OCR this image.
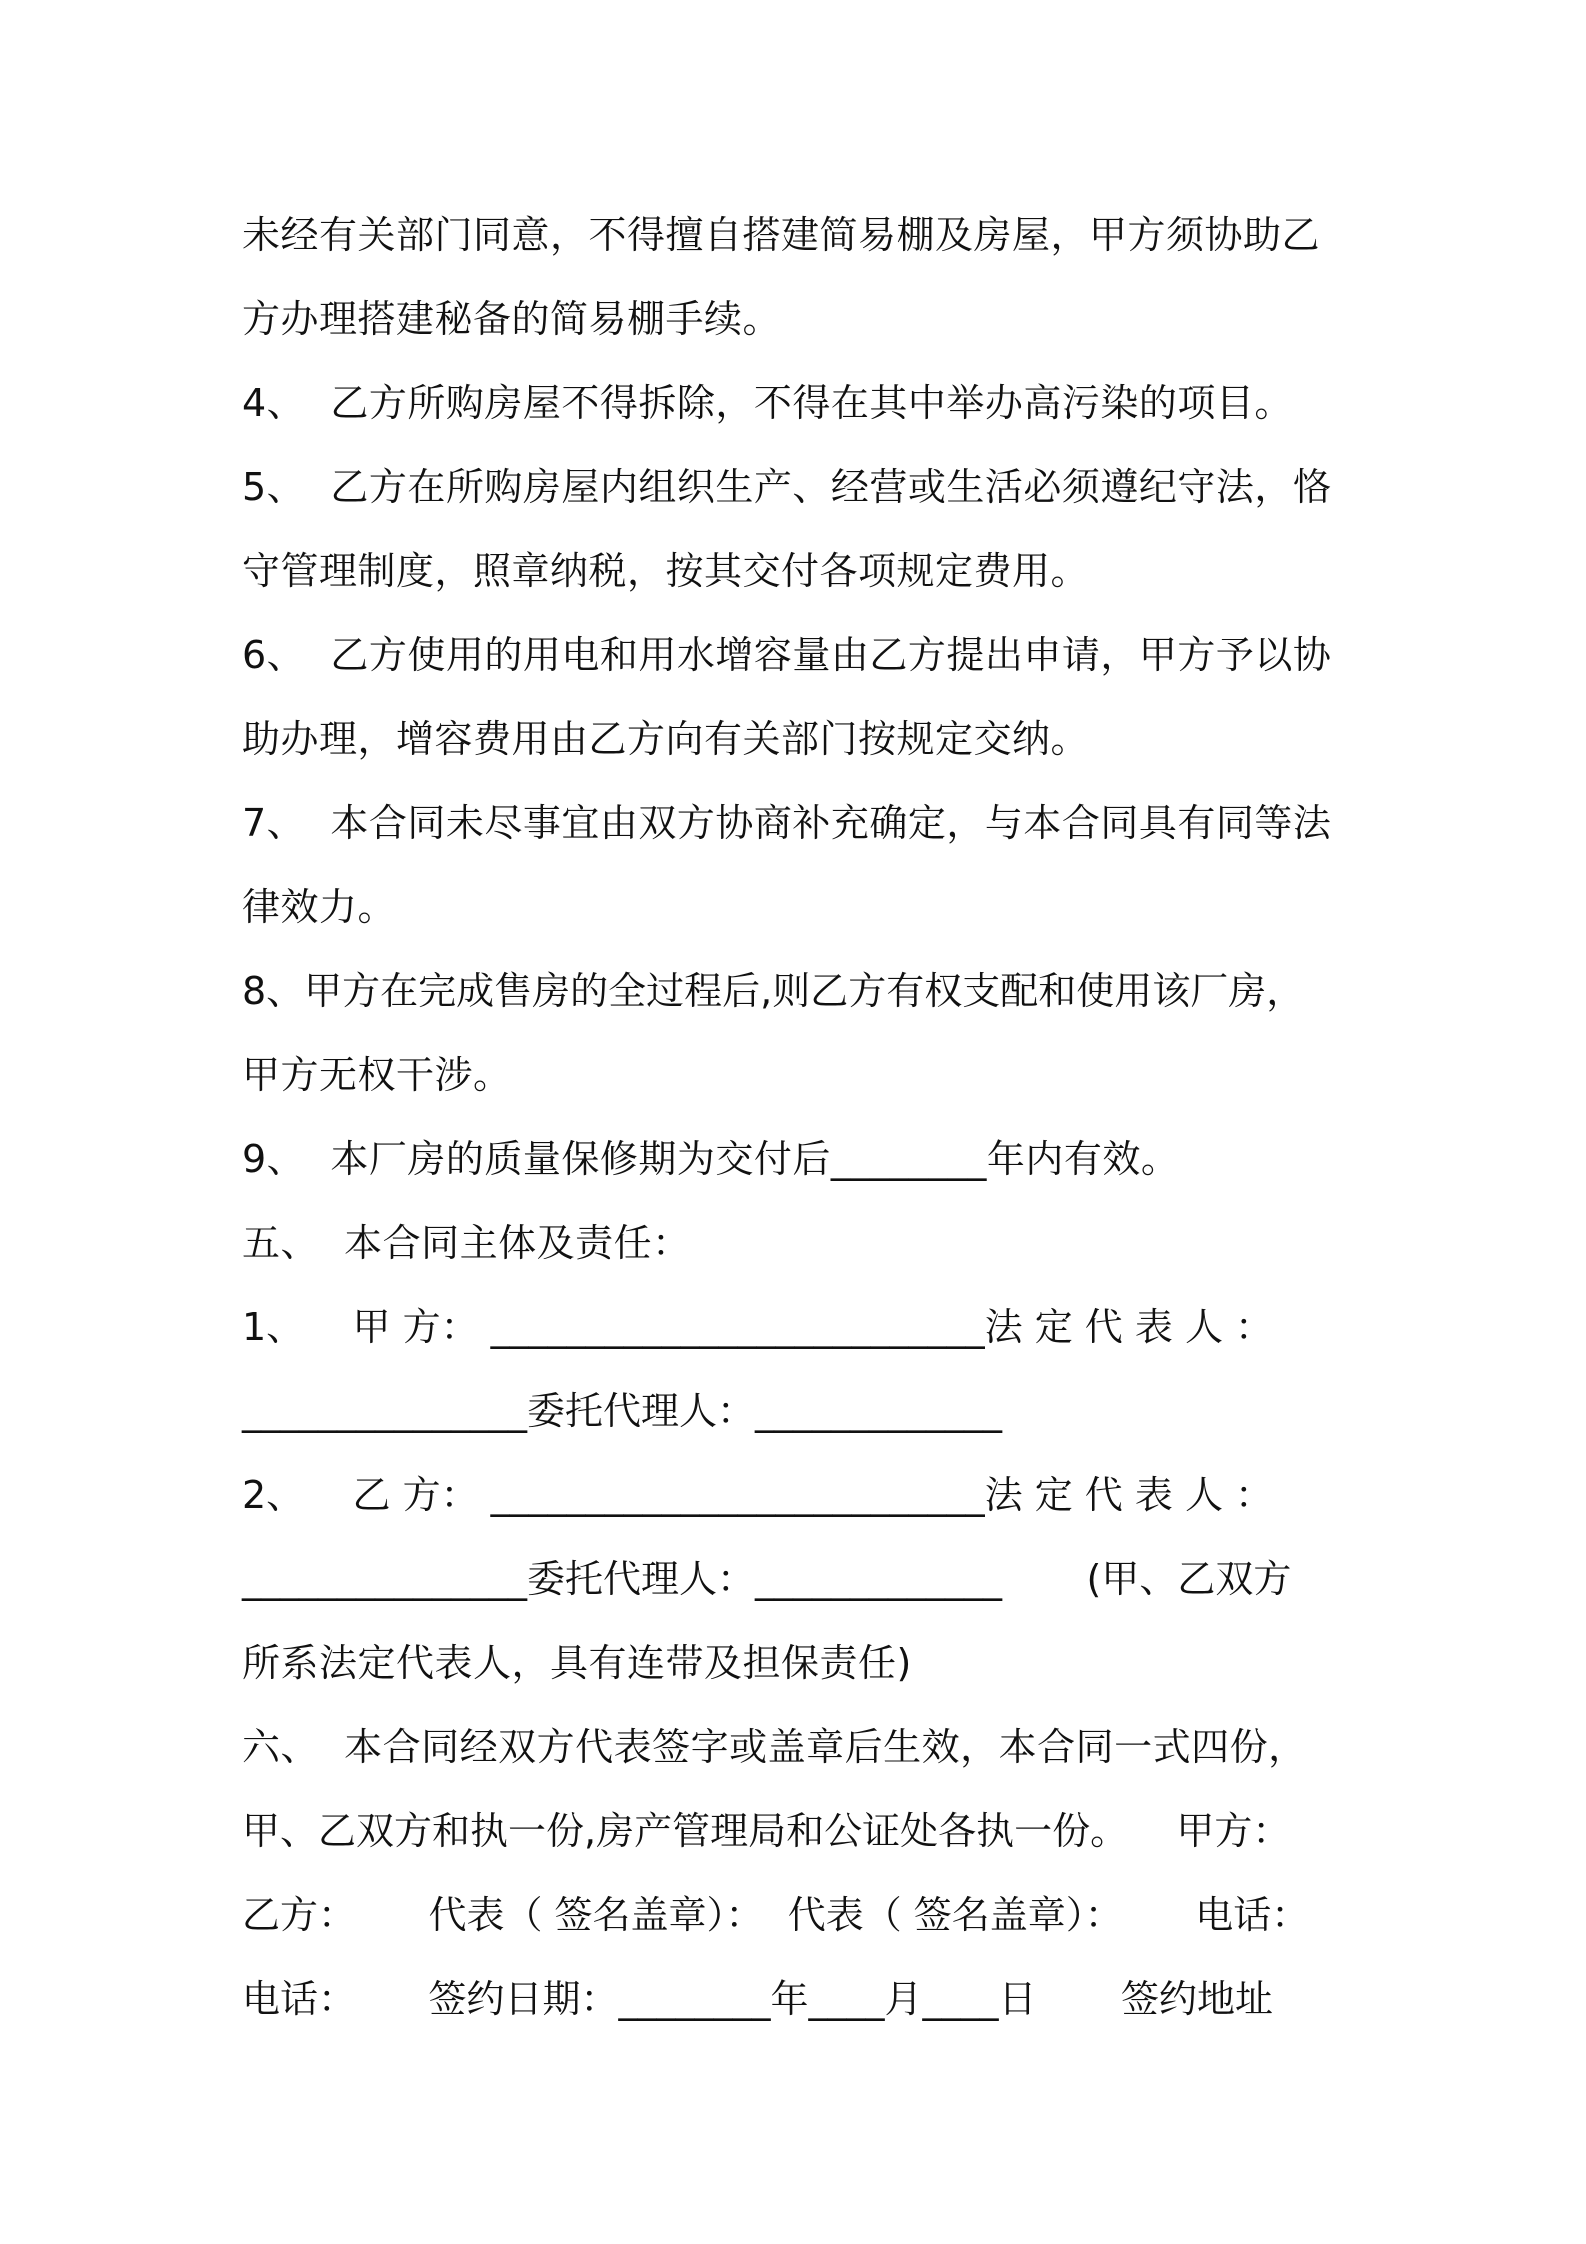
未经有关部门同意，不得擅自搭建简易棚及房屋，甲方须协助乙
方办理搭建秘备的简易棚手续。
4、  乙方所购房屋不得拆除，不得在其中举办高污染的项目。
5、  乙方在所购房屋内组织生产、经营或生活必须遵纪守法，恪
守管理制度，照章纳税，按其交付各项规定费用。
6、  乙方使用的用电和用水增容量由乙方提出申请，甲方予以协
助办理，增容费用由乙方向有关部门按规定交纳。
7、  本合同未尽事宜由双方协商补充确定，与本合同具有同等法
律效力。
8、甲方在完成售房的全过程后,则乙方有权支配和使用该厂房，
甲方无权干涉。
9、  本厂房的质量保修期为交付后________年内有效。
五、  本合同主体及责任：
1、    甲 方： __________________________法 定 代 表 人 ：
_______________委托代理人：_____________
2、    乙 方： __________________________法 定 代 表 人 ：
_______________委托代理人：_____________       (甲、乙双方
所系法定代表人，具有连带及担保责任)
六、  本合同经双方代表签字或盖章后生效，本合同一式四份，
甲、乙双方和执一份,房产管理局和公证处各执一份。    甲方：
乙方：      代表（ 签名盖章）：  代表（ 签名盖章）：      电话：
电话：      签约日期：________年____月____日       签约地址
